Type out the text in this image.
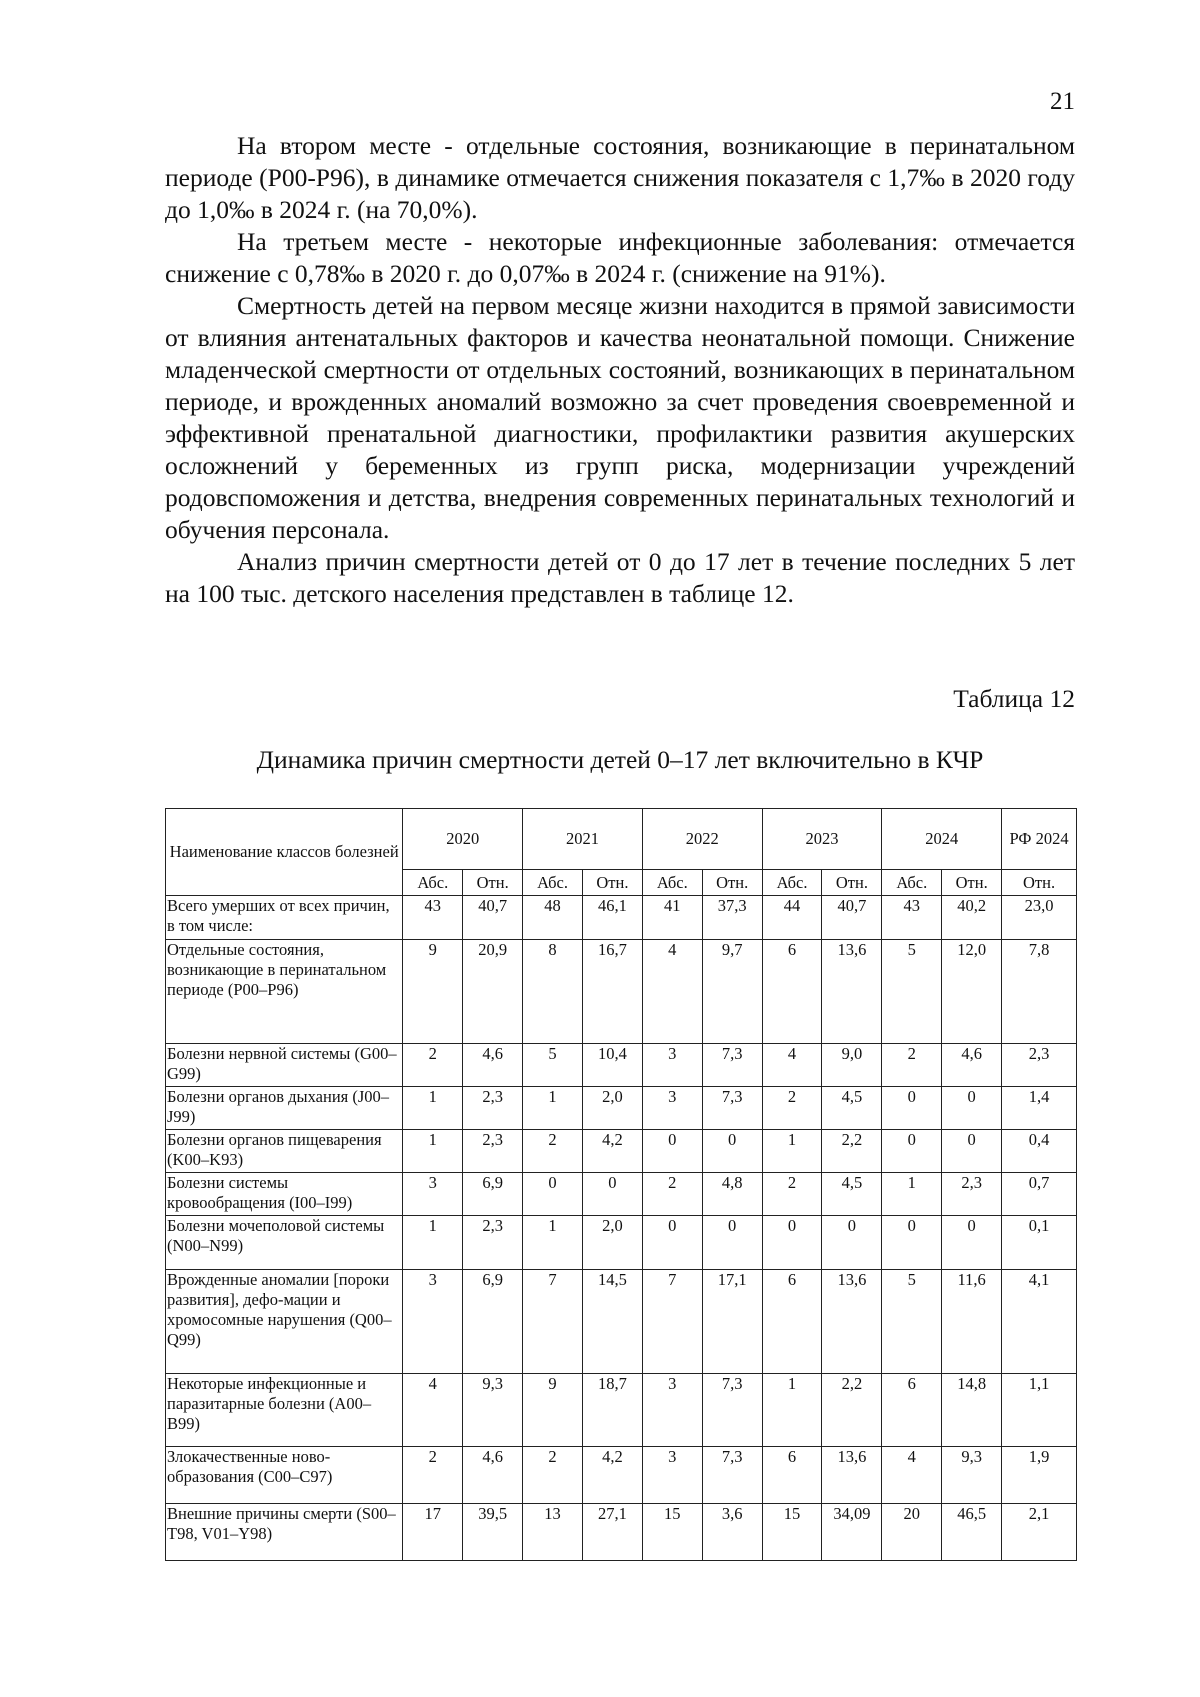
21

На втором месте - отдельные состояния, возникающие в перинатальном периоде (Р00-Р96), в динамике отмечается снижения показателя с 1,7‰ в 2020 году до 1,0‰ в 2024 г. (на 70,0%).

На третьем месте - некоторые инфекционные заболевания: отмечается снижение с 0,78‰ в 2020 г. до 0,07‰ в 2024 г. (снижение на 91%).

Смертность детей на первом месяце жизни находится в прямой зависимости от влияния антенатальных факторов и качества неонатальной помощи. Снижение младенческой смертности от отдельных состояний, возникающих в перинатальном периоде, и врожденных аномалий возможно за счет проведения своевременной и эффективной пренатальной диагностики, профилактики развития акушерских осложнений у беременных из групп риска, модернизации учреждений родовспоможения и детства, внедрения современных перинатальных технологий и обучения персонала.

Анализ причин смертности детей от 0 до 17 лет в течение последних 5 лет на 100 тыс. детского населения представлен в таблице 12.

Таблица 12
Динамика причин смертности детей 0–17 лет включительно в КЧР
Наименование классов болезней	2020		2021		2022		2023		2024		РФ 2024
	Абс.	Отн.	Абс.	Отн.	Абс.	Отн.	Абс.	Отн.	Абс.	Отн.	Отн.
Всего умерших от всех причин, в том числе:	43	40,7	48	46,1	41	37,3	44	40,7	43	40,2	23,0
Отдельные состояния, возникающие в перинатальном периоде (Р00–Р96)	9	20,9	8	16,7	4	9,7	6	13,6	5	12,0	7,8
Болезни нервной системы (G00–G99)	2	4,6	5	10,4	3	7,3	4	9,0	2	4,6	2,3
Болезни органов дыхания (J00–J99)	1	2,3	1	2,0	3	7,3	2	4,5	0	0	1,4
Болезни органов пищеварения (K00–K93)	1	2,3	2	4,2	0	0	1	2,2	0	0	0,4
Болезни системы кровообращения (I00–I99)	3	6,9	0	0	2	4,8	2	4,5	1	2,3	0,7
Болезни мочеполовой системы (N00–N99)	1	2,3	1	2,0	0	0	0	0	0	0	0,1
Врожденные аномалии [пороки развития], дефо-мации и хромосомные нарушения (Q00–Q99)	3	6,9	7	14,5	7	17,1	6	13,6	5	11,6	4,1
Некоторые инфекционные и паразитарные болезни (A00–B99)	4	9,3	9	18,7	3	7,3	1	2,2	6	14,8	1,1
Злокачественные ново-образования (C00–C97)	2	4,6	2	4,2	3	7,3	6	13,6	4	9,3	1,9
Внешние причины смерти (S00–T98, V01–Y98)	17	39,5	13	27,1	15	3,6	15	34,09	20	46,5	2,1
